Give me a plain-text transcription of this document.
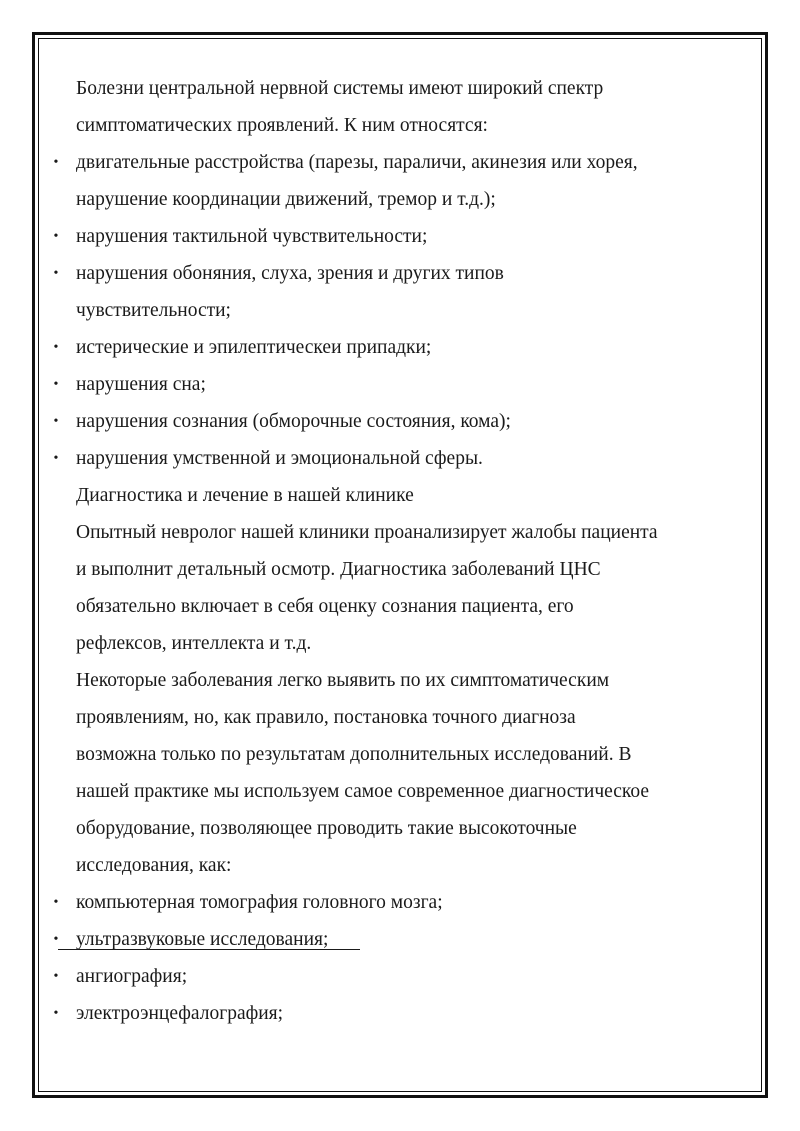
Болезни центральной нервной системы имеют широкий спектр
симптоматических проявлений. К ним относятся:
• двигательные расстройства (парезы, параличи, акинезия или хорея,
нарушение координации движений, тремор и т.д.);
• нарушения тактильной чувствительности;
• нарушения обоняния, слуха, зрения и других типов
чувствительности;
• истерические и эпилептическеи припадки;
• нарушения сна;
• нарушения сознания (обморочные состояния, кома);
• нарушения умственной и эмоциональной сферы.
Диагностика и лечение в нашей клинике
Опытный невролог нашей клиники проанализирует жалобы пациента
и выполнит детальный осмотр. Диагностика заболеваний ЦНС
обязательно включает в себя оценку сознания пациента, его
рефлексов, интеллекта и т.д.
Некоторые заболевания легко выявить по их симптоматическим
проявлениям, но, как правило, постановка точного диагноза
возможна только по результатам дополнительных исследований. В
нашей практике мы используем самое современное диагностическое
оборудование, позволяющее проводить такие высокоточные
исследования, как:
• компьютерная томография головного мозга;
• ультразвуковые исследования;
• ангиография;
• электроэнцефалография;
